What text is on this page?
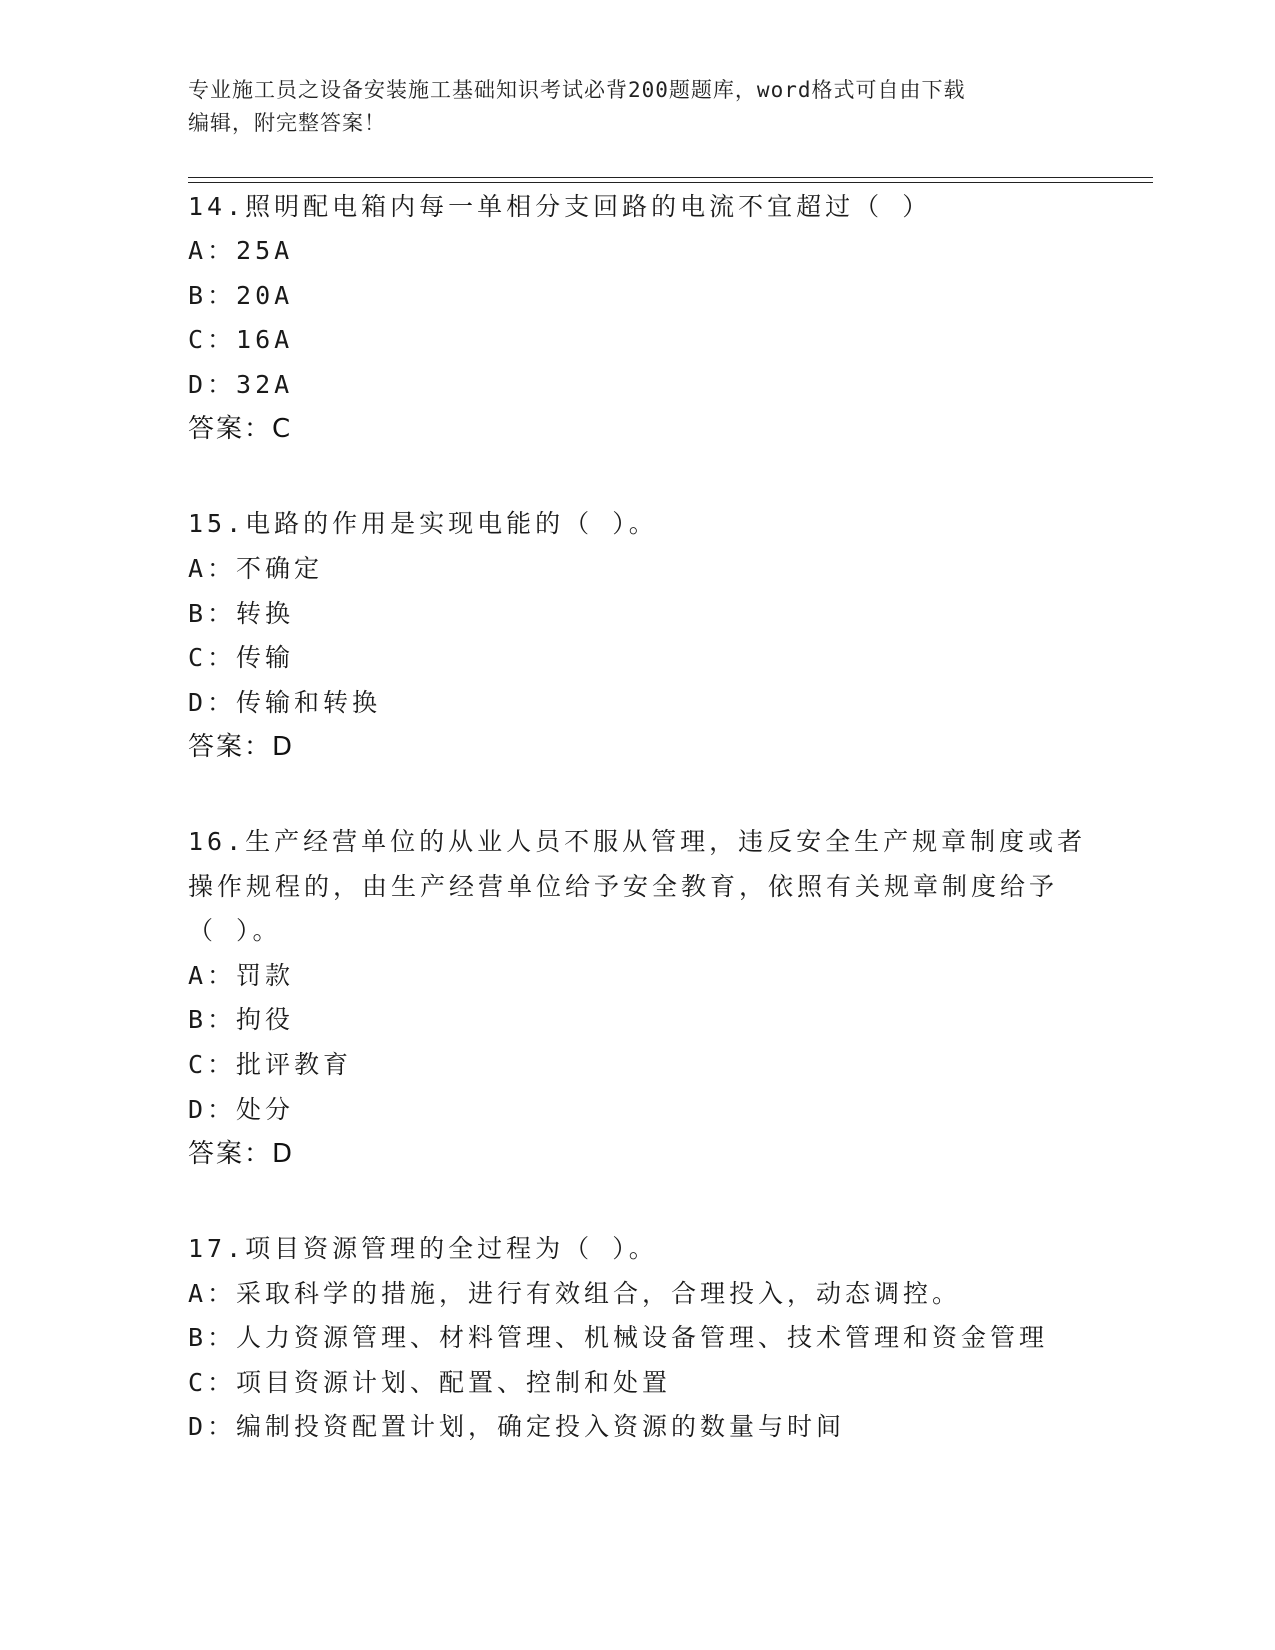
专业施工员之设备安装施工基础知识考试必背200题题库，word格式可自由下载
编辑，附完整答案！
14.照明配电箱内每一单相分支回路的电流不宜超过（ ）
A：25A
B：20A
C：16A
D：32A
答案：C
15.电路的作用是实现电能的（ ）。
A：不确定
B：转换
C：传输
D：传输和转换
答案：D
16.生产经营单位的从业人员不服从管理，违反安全生产规章制度或者
操作规程的，由生产经营单位给予安全教育，依照有关规章制度给予
（ ）。
A：罚款
B：拘役
C：批评教育
D：处分
答案：D
17.项目资源管理的全过程为（ ）。
A：采取科学的措施，进行有效组合，合理投入，动态调控。
B：人力资源管理、材料管理、机械设备管理、技术管理和资金管理
C：项目资源计划、配置、控制和处置
D：编制投资配置计划，确定投入资源的数量与时间
